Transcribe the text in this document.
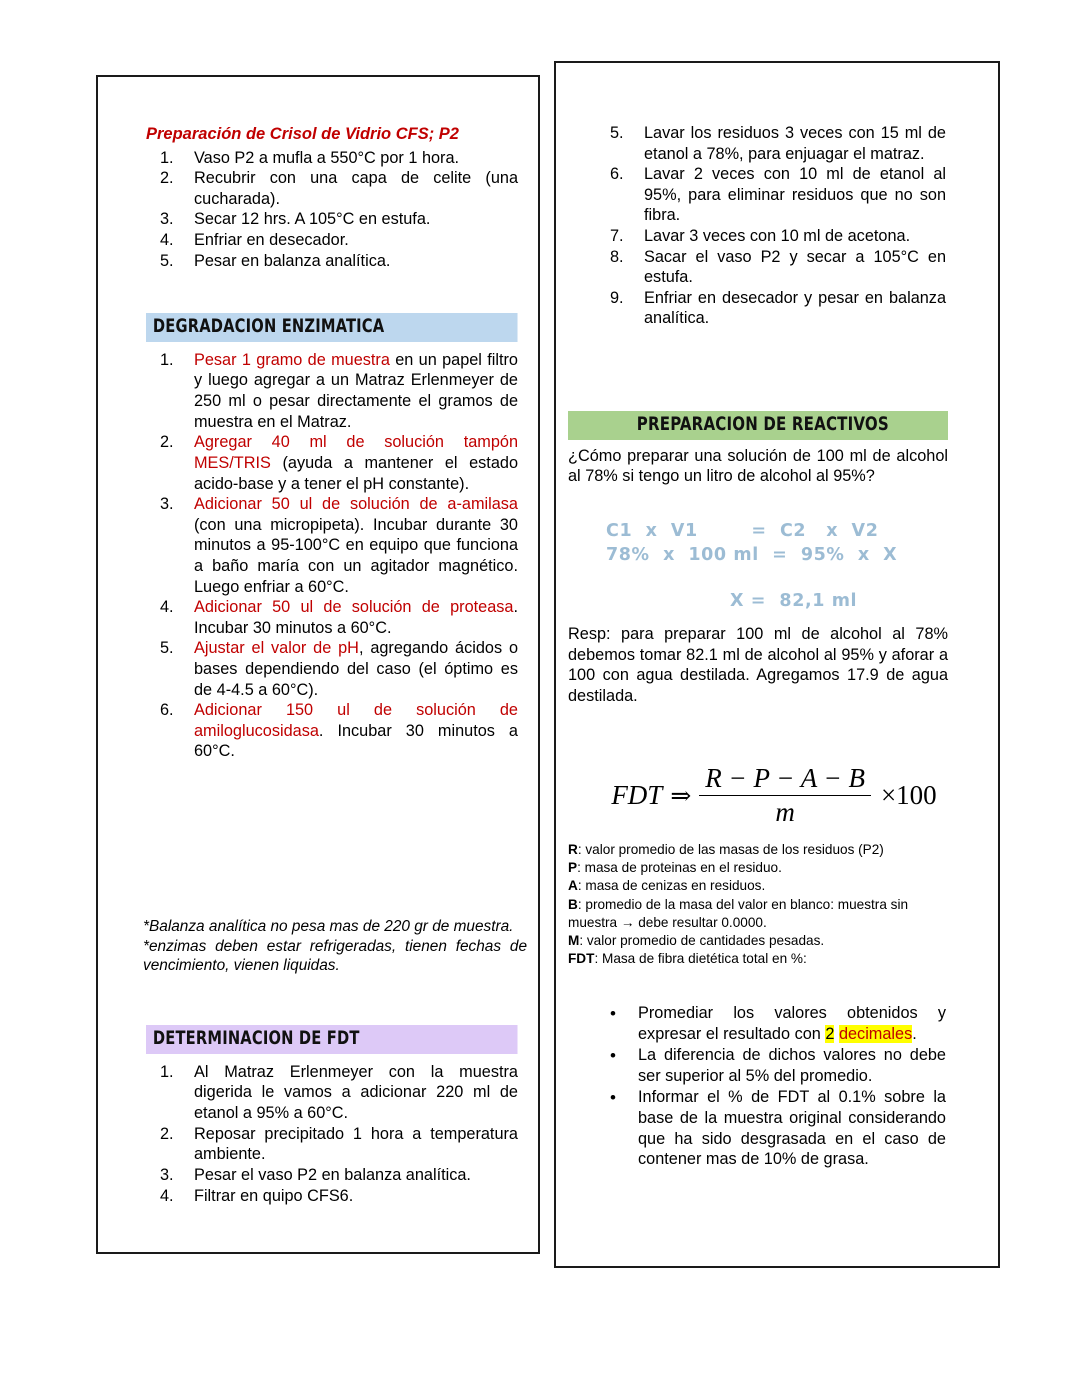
Preparación de Crisol de Vidrio CFS; P2
1.	Vaso P2 a mufla a 550°C por 1 hora.
2.	Recubrir con una capa de celite (una cucharada).
3.	Secar 12 hrs. A 105°C en estufa.
4.	Enfriar en desecador.
5.	Pesar en balanza analítica.
DEGRADACION ENZIMATICA
1.	Pesar 1 gramo de muestra en un papel filtro y luego agregar a un Matraz Erlenmeyer de 250 ml o pesar directamente el gramos de muestra en el Matraz.
2.	Agregar 40 ml de solución tampón MES/TRIS (ayuda a mantener el estado acido-base y a tener el pH constante).
3.	Adicionar 50 ul de solución de a-amilasa (con una micropipeta). Incubar durante 30 minutos a 95-100°C en equipo que funciona a baño maría con un agitador magnético. Luego enfriar a 60°C.
4.	Adicionar 50 ul de solución de proteasa. Incubar 30 minutos a 60°C.
5.	Ajustar el valor de pH, agregando ácidos o bases dependiendo del caso (el óptimo es de 4-4.5 a 60°C).
6.	Adicionar 150 ul de solución de amiloglucosidasa. Incubar 30 minutos a 60°C.
*Balanza analítica no pesa mas de 220 gr de muestra.
*enzimas deben estar refrigeradas, tienen fechas de vencimiento, vienen liquidas.
DETERMINACION DE FDT
1.	Al Matraz Erlenmeyer con la muestra digerida le vamos a adicionar 220 ml de etanol a 95% a 60°C.
2.	Reposar precipitado 1 hora a temperatura ambiente.
3.	Pesar el vaso P2 en balanza analítica.
4.	Filtrar en quipo CFS6.
5.	Lavar los residuos 3 veces con 15 ml de etanol a 78%, para enjuagar el matraz.
6.	Lavar 2 veces con 10 ml de etanol al 95%, para eliminar residuos que no son fibra.
7.	Lavar 3 veces con 10 ml de acetona.
8.	Sacar el vaso P2 y secar a 105°C en estufa.
9.	Enfriar en desecador y pesar en balanza analítica.
PREPARACION DE REACTIVOS

¿Cómo preparar una solución de 100 ml de alcohol al 78% si tengo un litro de alcohol al 95%?

C1  x  V1        =  C2   x  V2
78%  x  100 ml  =  95%  x  X
X =  82,1 ml

Resp: para preparar 100 ml de alcohol al 78% debemos tomar 82.1 ml de alcohol al 95% y aforar a 100 con agua destilada. Agregamos 17.9 de agua destilada.

FDT ⇒ $\frac{R - P - A - B}{m} \times 100$
R: valor promedio de las masas de los residuos (P2)
P: masa de proteinas en el residuo.
A: masa de cenizas en residuos.
B: promedio de la masa del valor en blanco: muestra sin muestra → debe resultar 0.0000.
M: valor promedio de cantidades pesadas.
FDT: Masa de fibra dietética total en %:
• Promediar los valores obtenidos y expresar el resultado con 2 decimales.
• La diferencia de dichos valores no debe ser superior al 5% del promedio.
• Informar el % de FDT al 0.1% sobre la base de la muestra original considerando que ha sido desgrasada en el caso de contener mas de 10% de grasa.
